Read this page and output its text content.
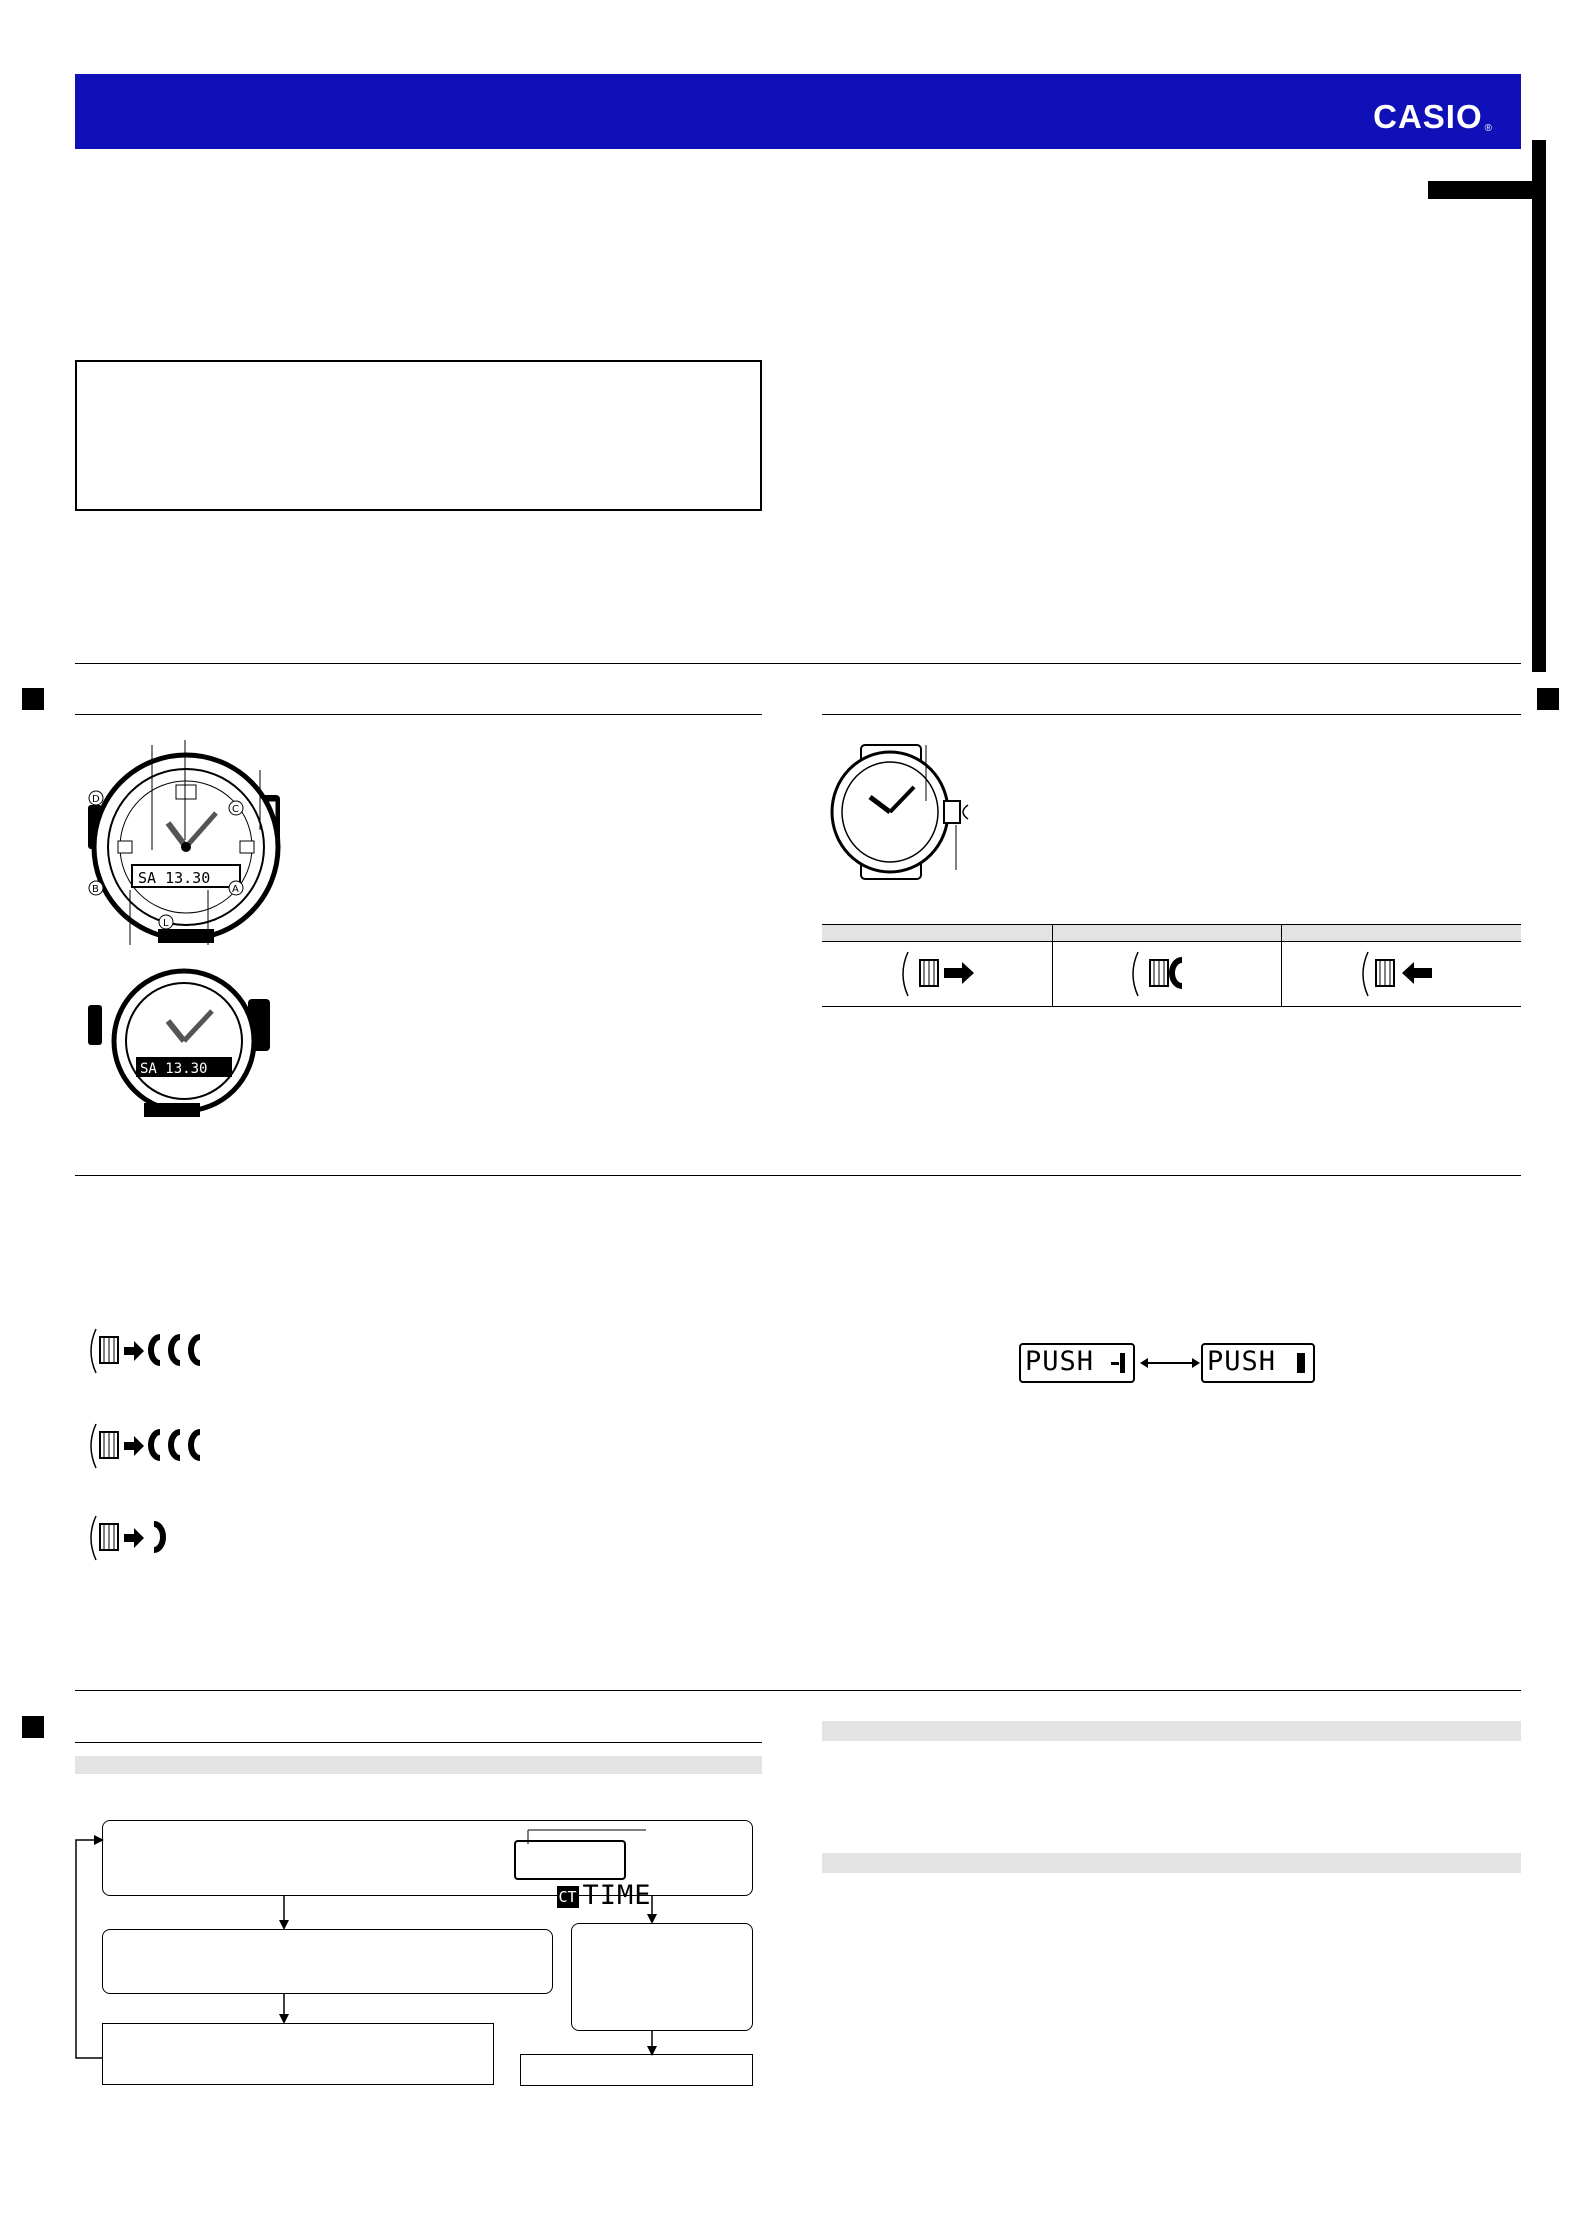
CASIO ®
SA 13.30
D
C
B	A
L
SA 13.30
PUSH	PUSH

CT TIME
